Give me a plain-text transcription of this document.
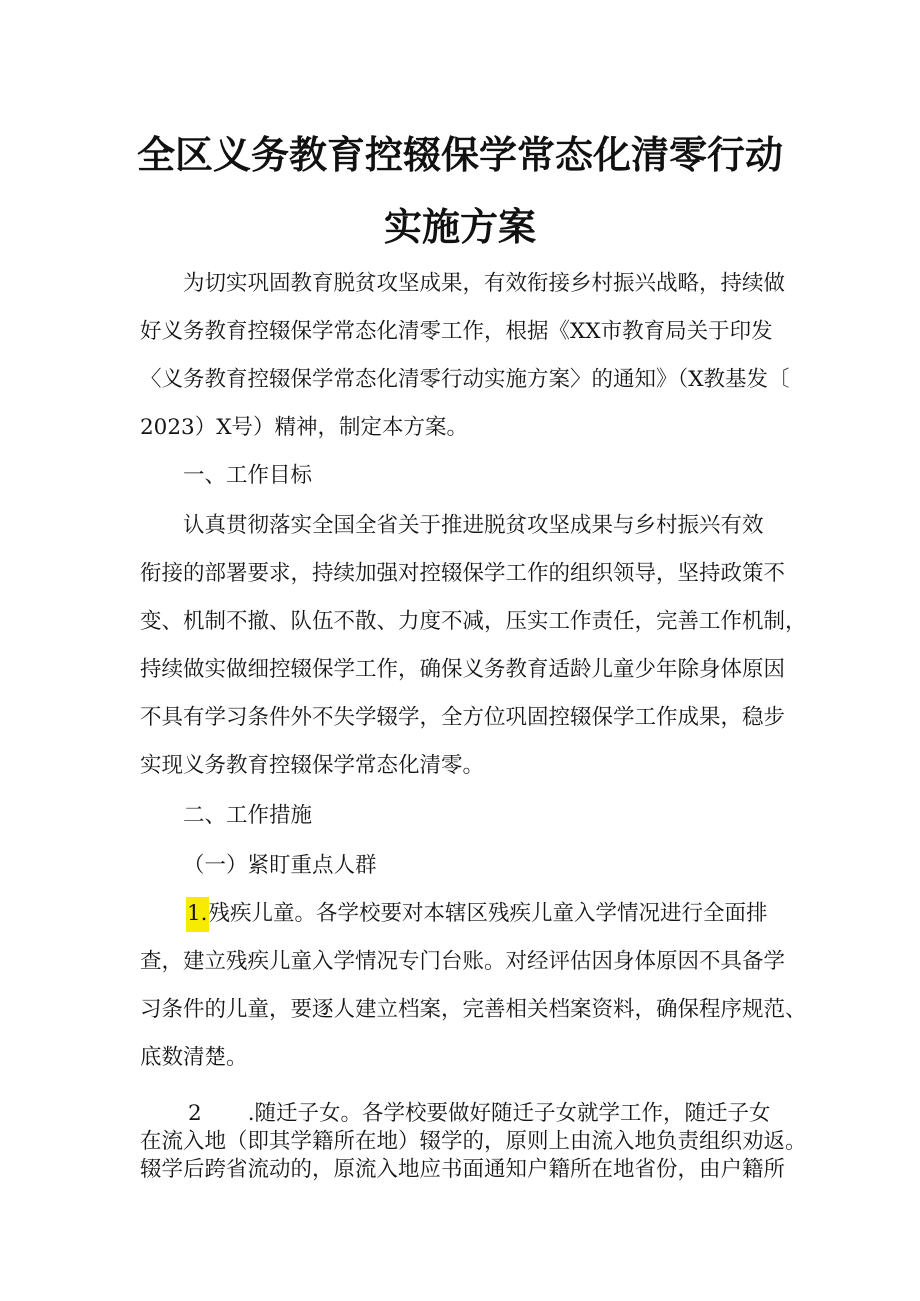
全区义务教育控辍保学常态化清零行动
实施方案
为切实巩固教育脱贫攻坚成果，有效衔接乡村振兴战略，持续做
好义务教育控辍保学常态化清零工作，根据《XX市教育局关于印发
〈义务教育控辍保学常态化清零行动实施方案〉的通知》（X教基发〔
2023）X号）精神，制定本方案。
一、工作目标
认真贯彻落实全国全省关于推进脱贫攻坚成果与乡村振兴有效
衔接的部署要求，持续加强对控辍保学工作的组织领导，坚持政策不
变、机制不撤、队伍不散、力度不减，压实工作责任，完善工作机制，
持续做实做细控辍保学工作，确保义务教育适龄儿童少年除身体原因
不具有学习条件外不失学辍学，全方位巩固控辍保学工作成果，稳步
实现义务教育控辍保学常态化清零。
二、工作措施
（一）紧盯重点人群
1.残疾儿童。各学校要对本辖区残疾儿童入学情况进行全面排
查，建立残疾儿童入学情况专门台账。对经评估因身体原因不具备学
习条件的儿童，要逐人建立档案，完善相关档案资料，确保程序规范、
底数清楚。
2 .随迁子女。各学校要做好随迁子女就学工作，随迁子女
在流入地（即其学籍所在地）辍学的，原则上由流入地负责组织劝返。
辍学后跨省流动的，原流入地应书面通知户籍所在地省份，由户籍所
